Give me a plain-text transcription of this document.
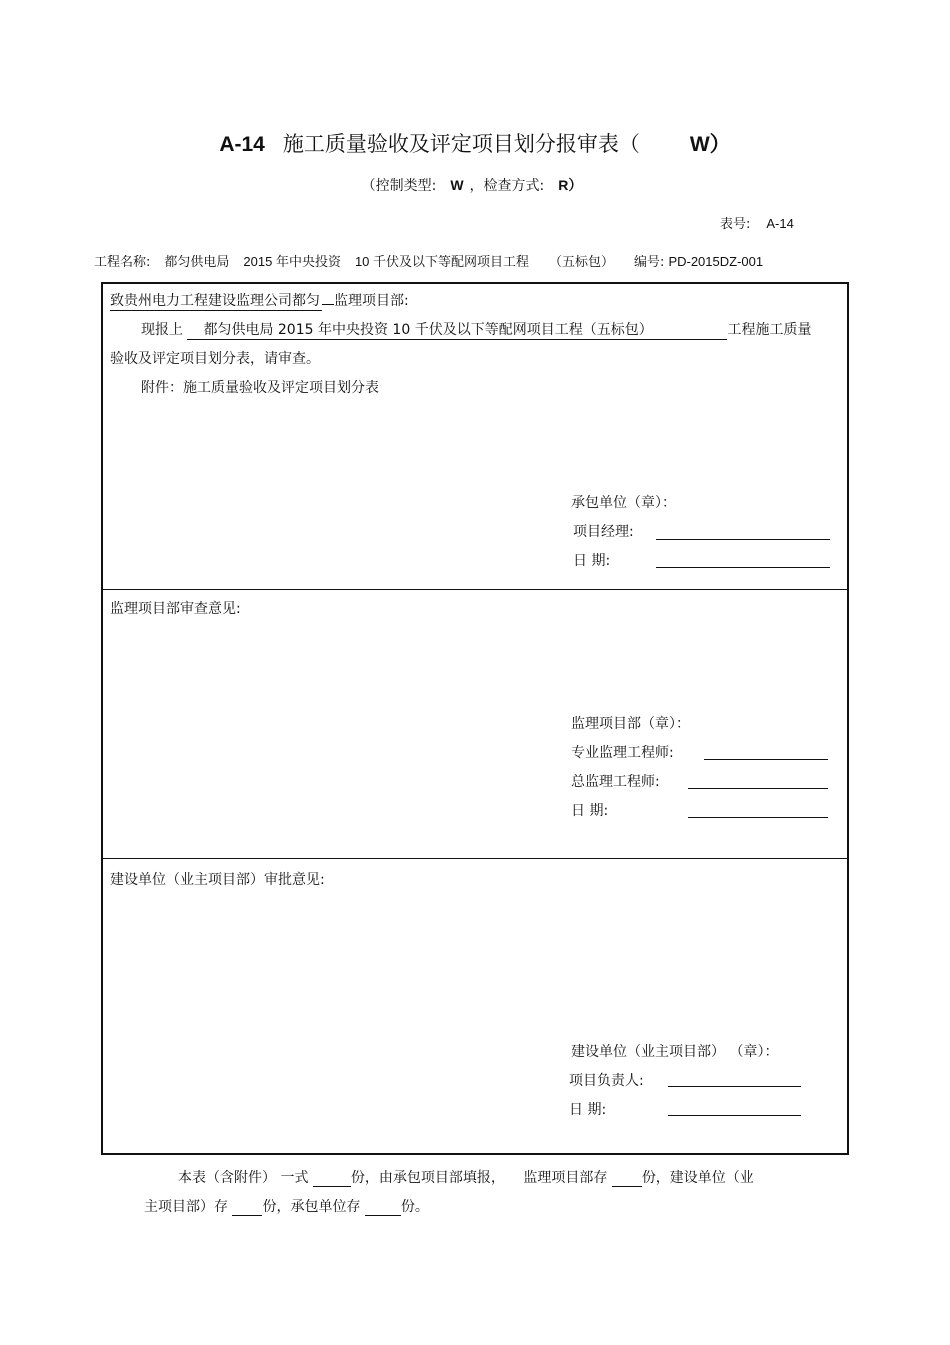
A-14 施工质量验收及评定项目划分报审表（ W）
（控制类型: W ，检查方式: R）
表号: A-14
工程名称: 都匀供电局 2015 年中央投资 10 千伏及以下等配网项目工程 （五标包） 编号: PD-2015DZ-001
致贵州电力工程建设监理公司都匀 监理项目部:
现报上 都匀供电局 2015 年中央投资 10 千伏及以下等配网项目工程（五标包）	工程施工质量
验收及评定项目划分表，请审查。
附件：施工质量验收及评定项目划分表
承包单位（章）：
项目经理:
日 期:
监理项目部审查意见:
监理项目部（章）：
专业监理工程师:
总监理工程师:
日 期:
建设单位（业主项目部）审批意见:
建设单位（业主项目部） （章）：
项目负责人:
日 期:
本表（含附件） 一式	份，由承包项目部填报， 监理项目部存 份，建设单位（业
主项目部）存 份，承包单位存	份。
